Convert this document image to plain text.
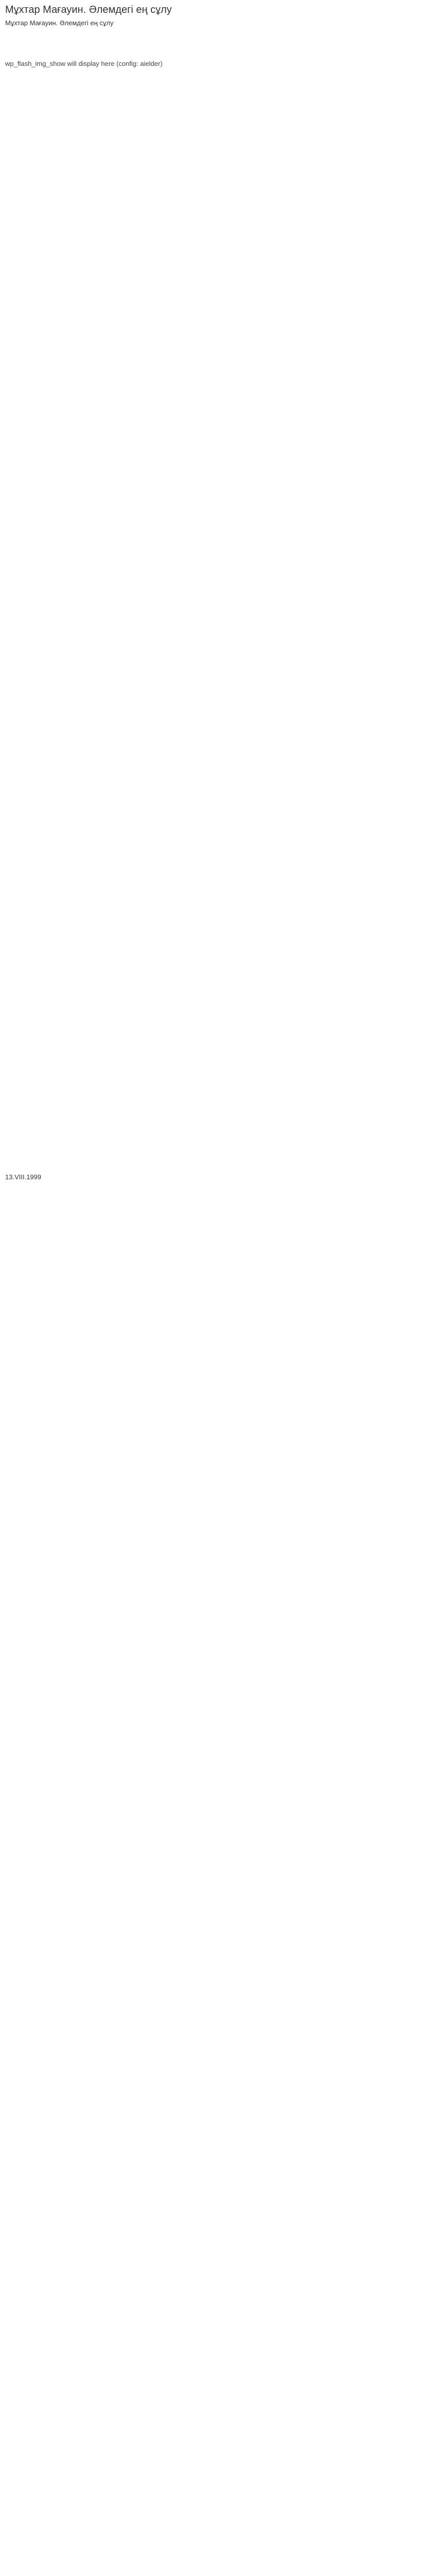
Мұхтар Мағауин. Әлемдегі ең сұлу
Мұхтар Мағауин. Әлемдегі ең сұлу

wp_flash_img_show will display here (config: aielder)

13.VIII.1999
